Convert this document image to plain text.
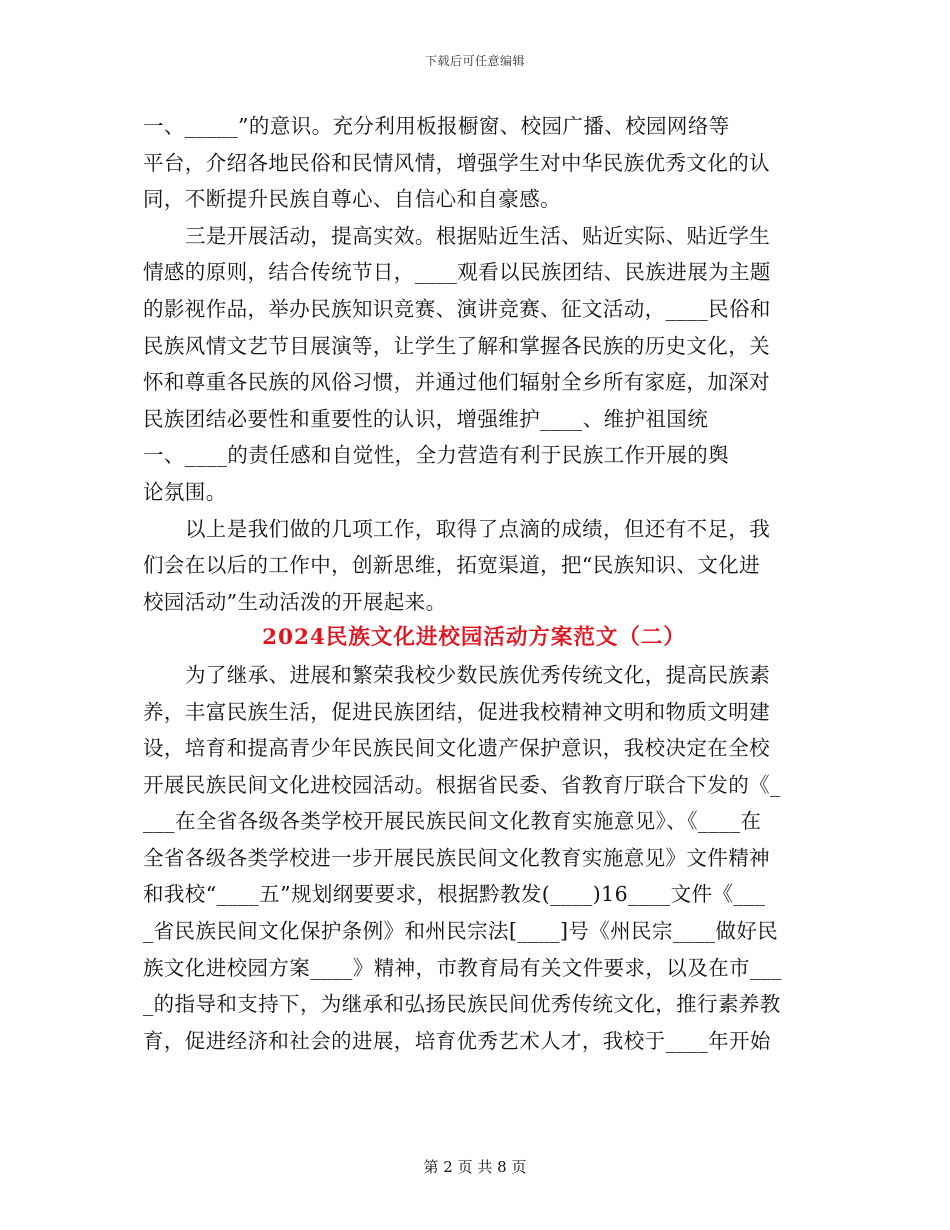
下载后可任意编辑
一、_____”的意识。充分利用板报橱窗、校园广播、校园网络等
平台，介绍各地民俗和民情风情，增强学生对中华民族优秀文化的认
同，不断提升民族自尊心、自信心和自豪感。
三是开展活动，提高实效。根据贴近生活、贴近实际、贴近学生
情感的原则，结合传统节日，____观看以民族团结、民族进展为主题
的影视作品，举办民族知识竞赛、演讲竞赛、征文活动，____民俗和
民族风情文艺节目展演等，让学生了解和掌握各民族的历史文化，关
怀和尊重各民族的风俗习惯，并通过他们辐射全乡所有家庭，加深对
民族团结必要性和重要性的认识，增强维护____、维护祖国统
一、____的责任感和自觉性，全力营造有利于民族工作开展的舆
论氛围。
以上是我们做的几项工作，取得了点滴的成绩，但还有不足，我
们会在以后的工作中，创新思维，拓宽渠道，把“民族知识、文化进
校园活动”生动活泼的开展起来。
2024民族文化进校园活动方案范文（二）
为了继承、进展和繁荣我校少数民族优秀传统文化，提高民族素
养，丰富民族生活，促进民族团结，促进我校精神文明和物质文明建
设，培育和提高青少年民族民间文化遗产保护意识，我校决定在全校
开展民族民间文化进校园活动。根据省民委、省教育厅联合下发的《_
___在全省各级各类学校开展民族民间文化教育实施意见》、《____在
全省各级各类学校进一步开展民族民间文化教育实施意见》文件精神
和我校“____五”规划纲要要求，根据黔教发(____)16____文件《___
_省民族民间文化保护条例》和州民宗法[____]号《州民宗____做好民
族文化进校园方案____》精神，市教育局有关文件要求，以及在市___
_的指导和支持下，为继承和弘扬民族民间优秀传统文化，推行素养教
育，促进经济和社会的进展，培育优秀艺术人才，我校于____年开始
第 2 页 共 8 页
